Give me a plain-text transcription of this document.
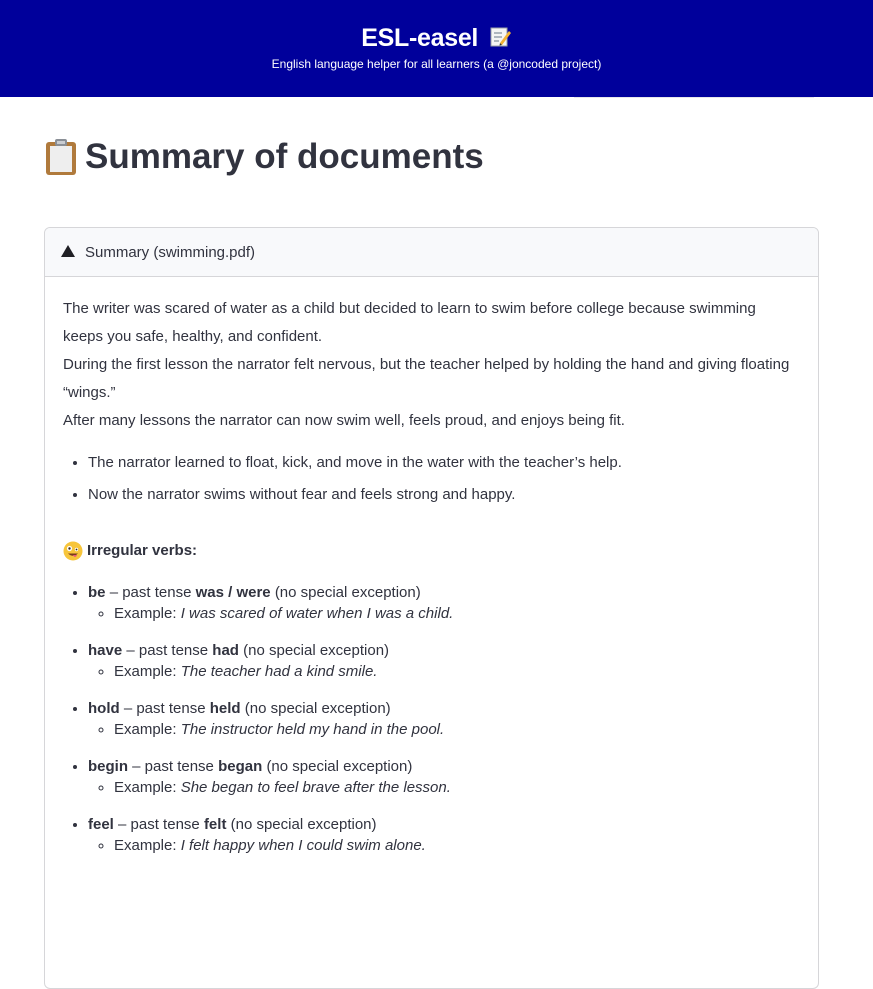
ESL-easel
English language helper for all learners (a @joncoded project)
Summary of documents
Summary (swimming.pdf)

The writer was scared of water as a child but decided to learn to swim before college because swimming keeps you safe, healthy, and confident.

During the first lesson the narrator felt nervous, but the teacher helped by holding the hand and giving floating “wings.”

After many lessons the narrator can now swim well, feels proud, and enjoys being fit.

• The narrator learned to float, kick, and move in the water with the teacher’s help.
• Now the narrator swims without fear and feels strong and happy.
Irregular verbs:
• be – past tense was / were (no special exception)
◦ Example: I was scared of water when I was a child.
• have – past tense had (no special exception)
◦ Example: The teacher had a kind smile.
• hold – past tense held (no special exception)
◦ Example: The instructor held my hand in the pool.
• begin – past tense began (no special exception)
◦ Example: She began to feel brave after the lesson.
• feel – past tense felt (no special exception)
◦ Example: I felt happy when I could swim alone.
